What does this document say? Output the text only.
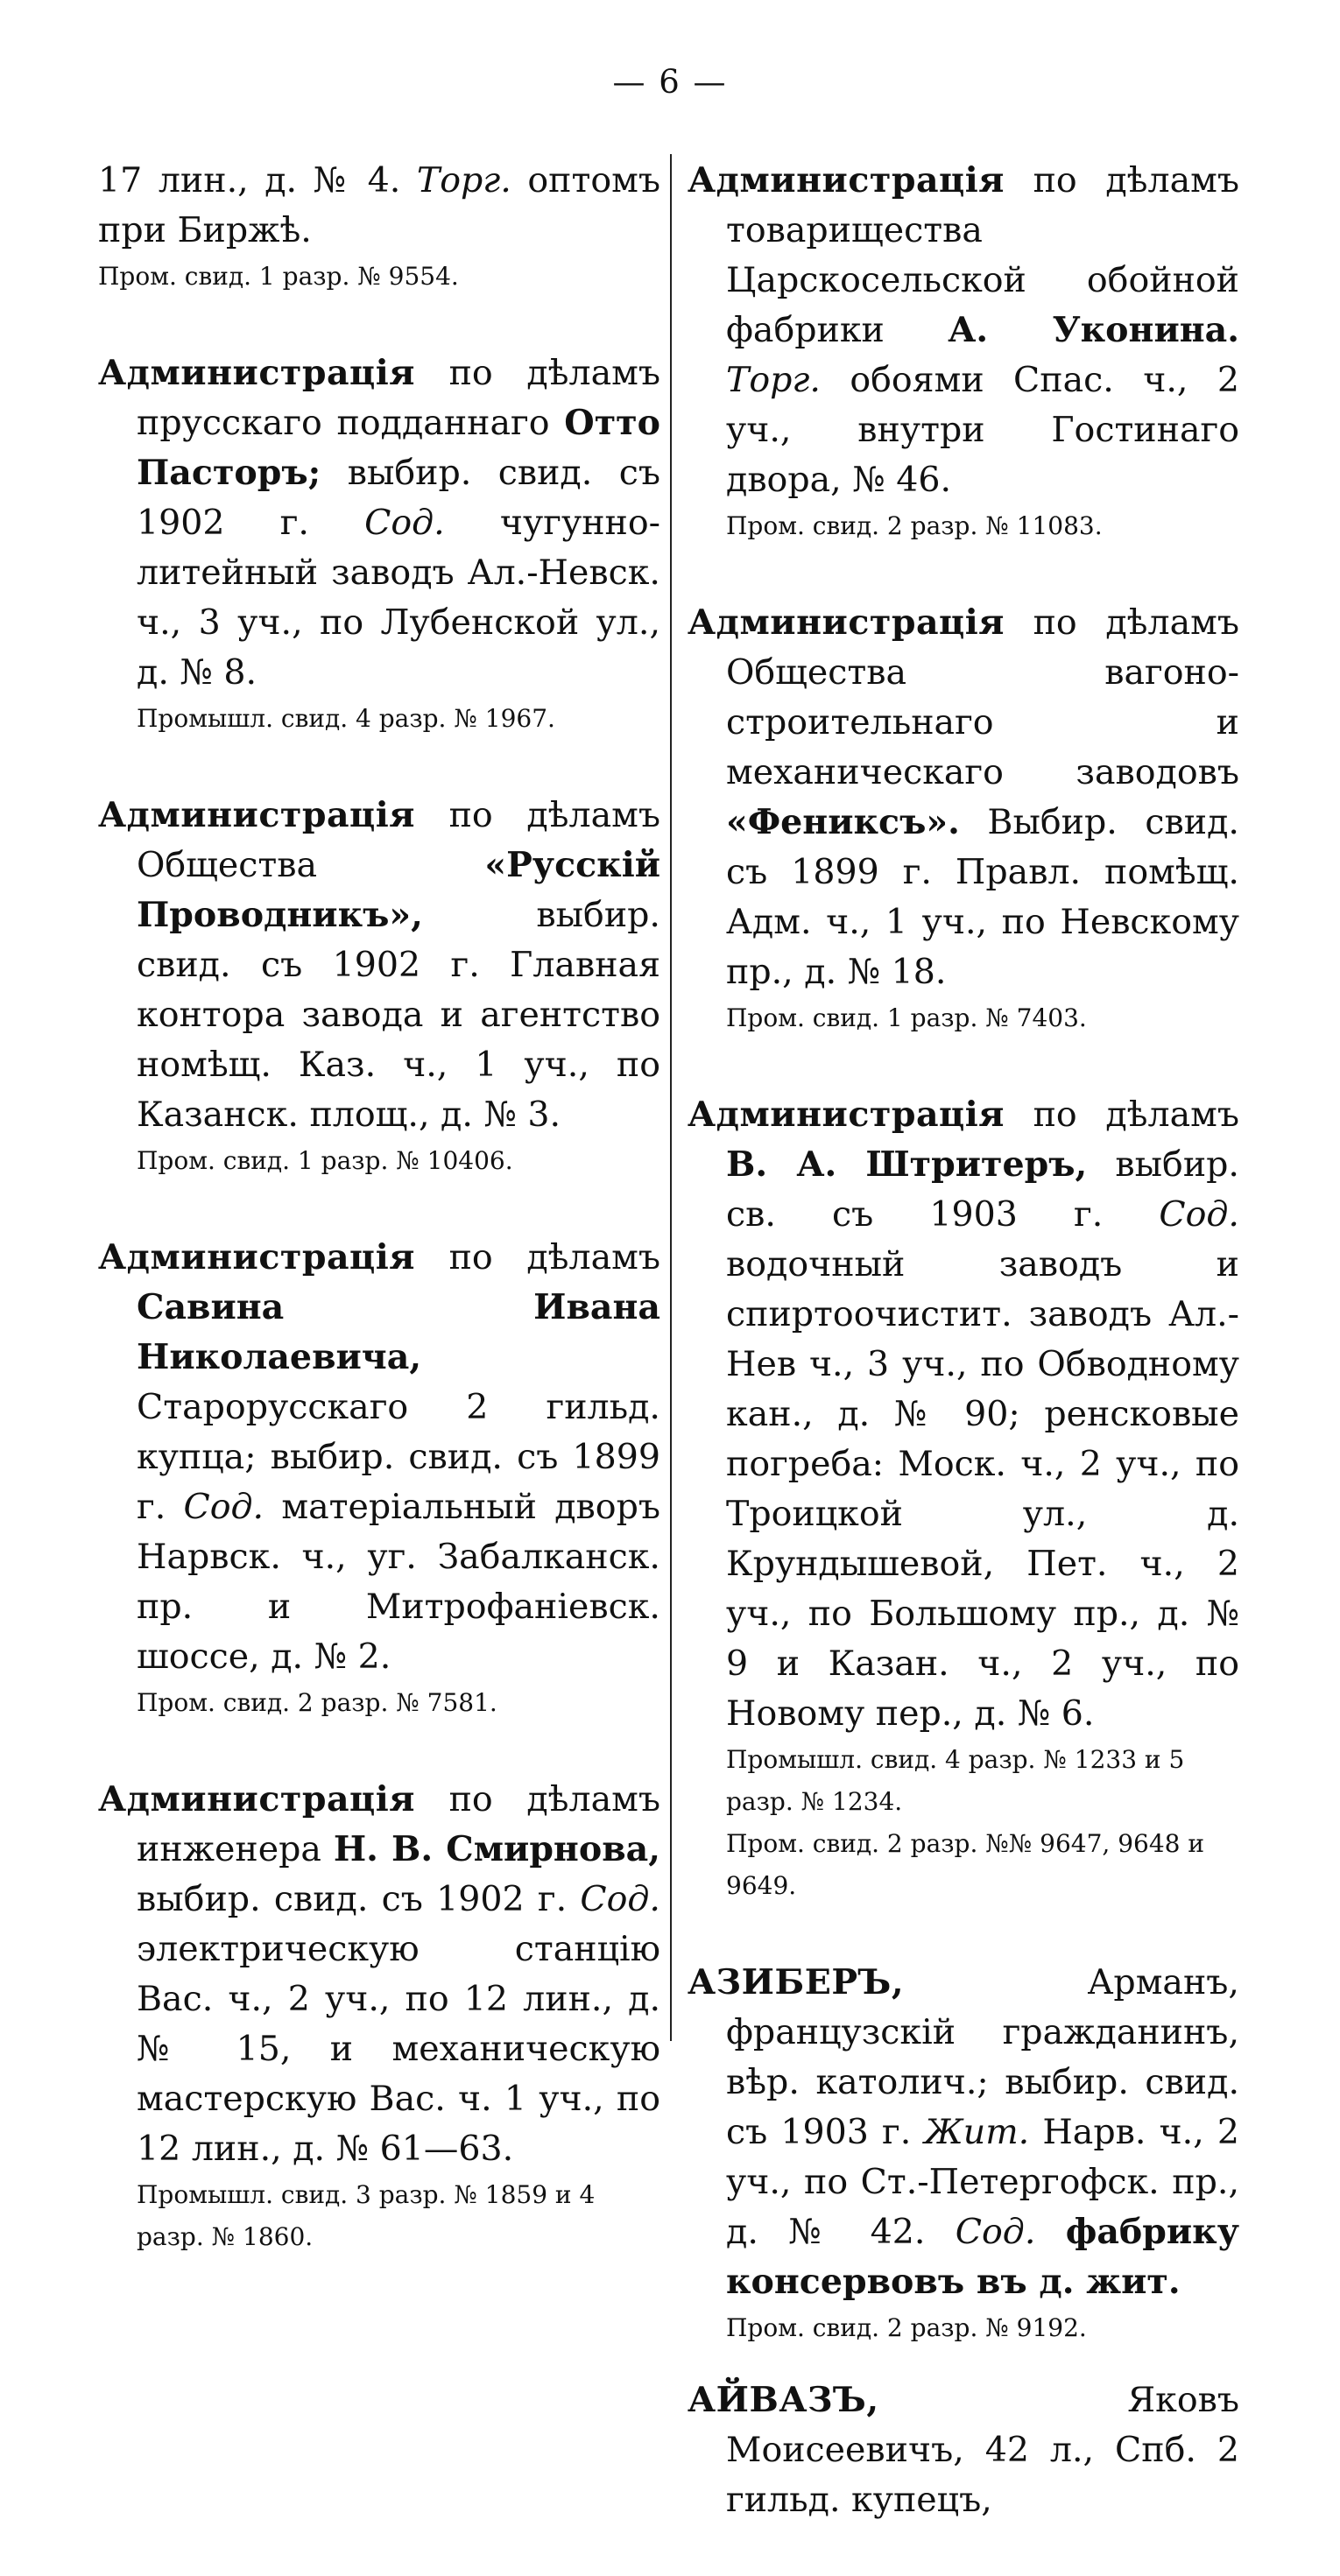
— 6 —
17 лин., д. № 4. Торг. оптомъ при Биржѣ.
Пром. свид. 1 разр. № 9554.
Администрація по дѣламъ прусскаго подданнаго Отто Пасторъ; выбир. свид. съ 1902 г. Сод. чугунно-литейный заводъ Ал.-Невск. ч., 3 уч., по Лубенской ул., д. № 8.
Промышл. свид. 4 разр. № 1967.
Администрація по дѣламъ Общества	«Русскій Проводникъ»,	выбир. свид. съ 1902 г. Главная контора завода и агентство номѣщ. Каз. ч., 1 уч., по Казанск. площ., д. № 3.
Пром. свид. 1 разр. № 10406.
Администрація по дѣламъ Савина Ивана Николаевича, Старорусскаго 2 гильд. купца; выбир. свид. съ 1899 г. Сод. матеріальный дворъ Нарвск. ч., уг. Забалканск. пр. и Митрофаніевск. шоссе, д. № 2.
Пром. свид. 2 разр. № 7581.
Администрація по дѣламъ инженера Н. В. Смирнова, выбир. свид. съ 1902 г. Сод. электрическую станцію Вас. ч., 2 уч., по 12 лин., д. № 15, и механическую мастерскую Вас. ч. 1 уч., по 12 лин., д. № 61—63.
Промышл. свид. 3 разр. № 1859 и 4 разр. № 1860.
Администрація по дѣламъ товарищества Царскосельской обойной фабрики А. Уконина. Торг. обоями Спас. ч., 2 уч., внутри Гостинаго двора, № 46.
Пром. свид. 2 разр. № 11083.
Администрація по дѣламъ Общества вагоно-строительнаго и механическаго заводовъ «Фениксъ». Выбир. свид. съ 1899 г. Правл. помѣщ. Адм. ч., 1 уч., по Невскому пр., д. № 18.
Пром. свид. 1 разр. № 7403.
Администрація по дѣламъ В. А. Штритеръ, выбир. св. съ 1903 г. Сод. водочный заводъ и спиртоочистит. заводъ Ал.-Нев ч., 3 уч., по Обводному кан., д. № 90; ренсковые погреба: Моск. ч., 2 уч., по Троицкой ул., д. Крундышевой, Пет. ч., 2 уч., по Большому пр., д. № 9 и Казан. ч., 2 уч., по Новому пер., д. № 6.
Промышл. свид. 4 разр. № 1233 и 5 разр. № 1234.
Пром. свид. 2 разр. №№ 9647, 9648 и 9649.
АЗИБЕРЪ,	Арманъ, французскій гражданинъ, вѣр. католич.; выбир. свид. съ 1903 г. Жит. Нарв. ч., 2 уч., по Ст.-Петергофск. пр., д. № 42. Сод. фабрику консервовъ въ д. жит.
Пром. свид. 2 разр. № 9192.
АЙВАЗЪ,	Яковъ Моисеевичъ, 42 л., Спб. 2 гильд. купецъ,
